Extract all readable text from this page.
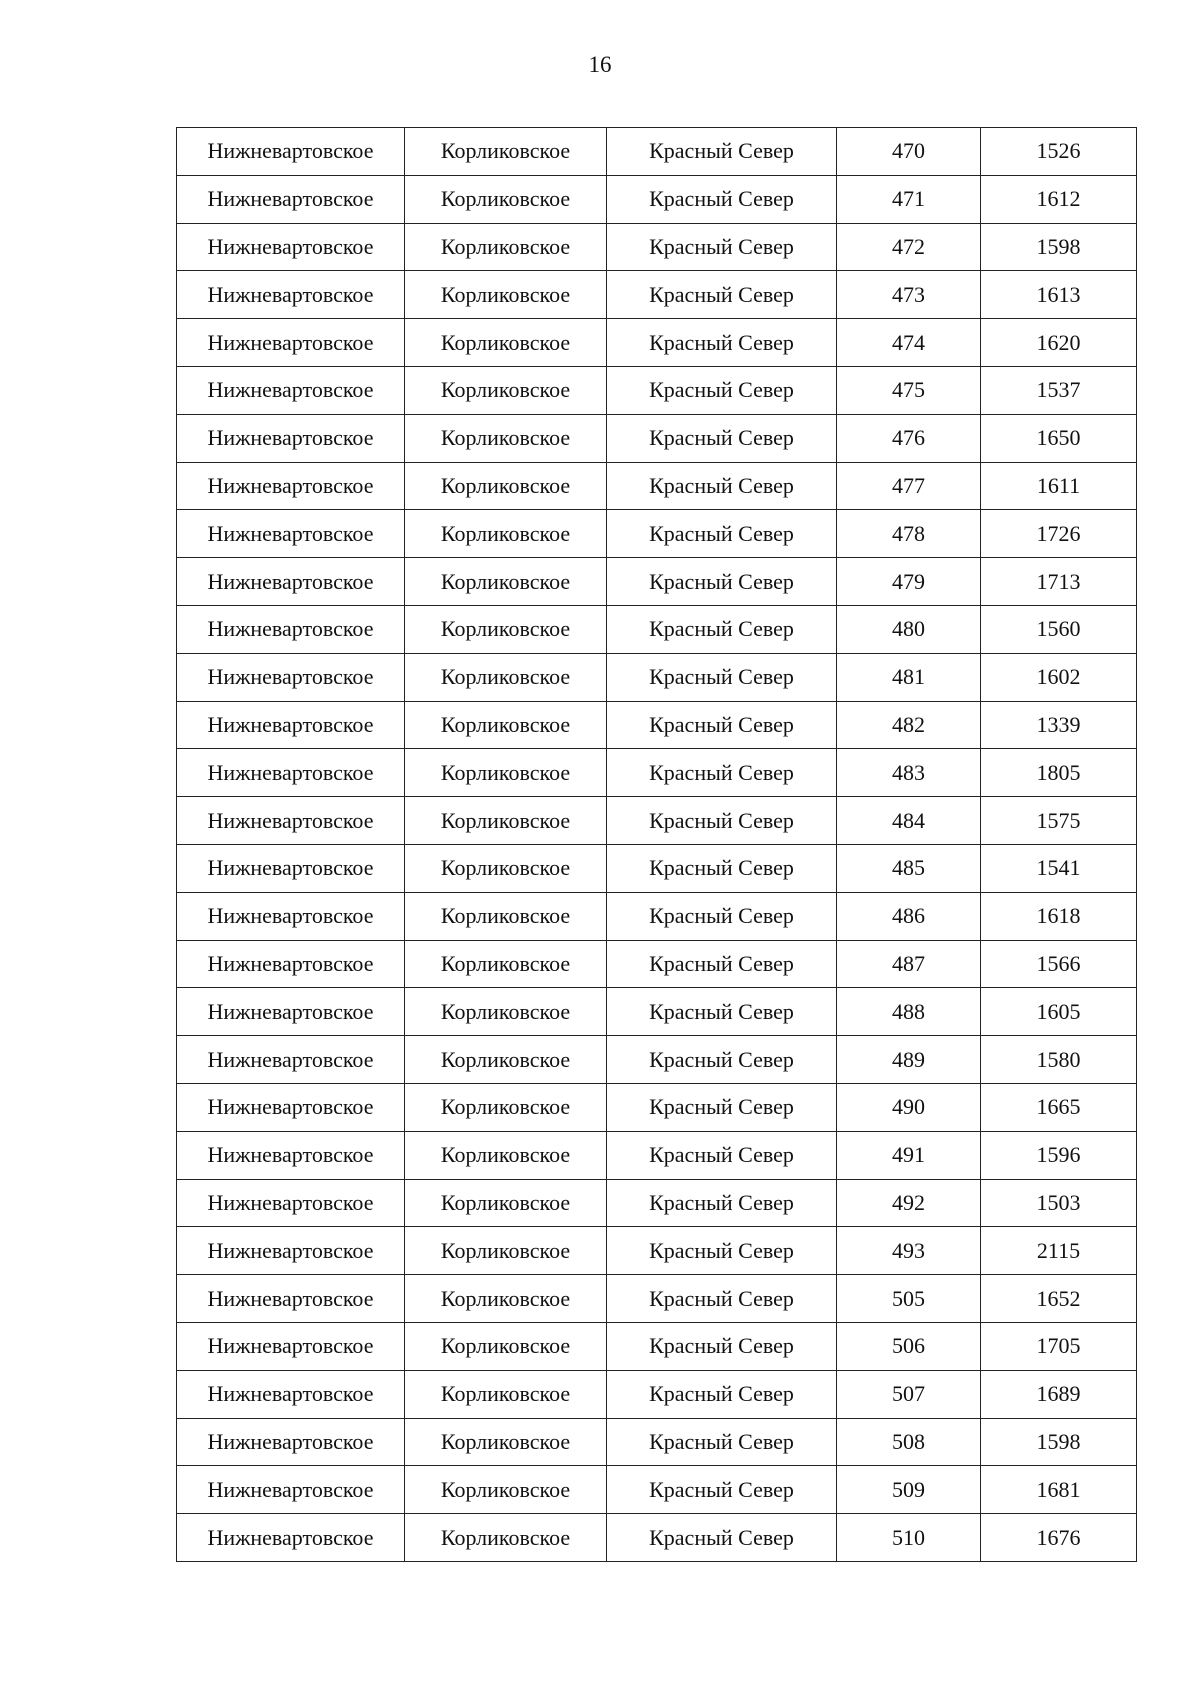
16
Нижневартовское	Корликовское	Красный Север	470	1526
Нижневартовское	Корликовское	Красный Север	471	1612
Нижневартовское	Корликовское	Красный Север	472	1598
Нижневартовское	Корликовское	Красный Север	473	1613
Нижневартовское	Корликовское	Красный Север	474	1620
Нижневартовское	Корликовское	Красный Север	475	1537
Нижневартовское	Корликовское	Красный Север	476	1650
Нижневартовское	Корликовское	Красный Север	477	1611
Нижневартовское	Корликовское	Красный Север	478	1726
Нижневартовское	Корликовское	Красный Север	479	1713
Нижневартовское	Корликовское	Красный Север	480	1560
Нижневартовское	Корликовское	Красный Север	481	1602
Нижневартовское	Корликовское	Красный Север	482	1339
Нижневартовское	Корликовское	Красный Север	483	1805
Нижневартовское	Корликовское	Красный Север	484	1575
Нижневартовское	Корликовское	Красный Север	485	1541
Нижневартовское	Корликовское	Красный Север	486	1618
Нижневартовское	Корликовское	Красный Север	487	1566
Нижневартовское	Корликовское	Красный Север	488	1605
Нижневартовское	Корликовское	Красный Север	489	1580
Нижневартовское	Корликовское	Красный Север	490	1665
Нижневартовское	Корликовское	Красный Север	491	1596
Нижневартовское	Корликовское	Красный Север	492	1503
Нижневартовское	Корликовское	Красный Север	493	2115
Нижневартовское	Корликовское	Красный Север	505	1652
Нижневартовское	Корликовское	Красный Север	506	1705
Нижневартовское	Корликовское	Красный Север	507	1689
Нижневартовское	Корликовское	Красный Север	508	1598
Нижневартовское	Корликовское	Красный Север	509	1681
Нижневартовское	Корликовское	Красный Север	510	1676
